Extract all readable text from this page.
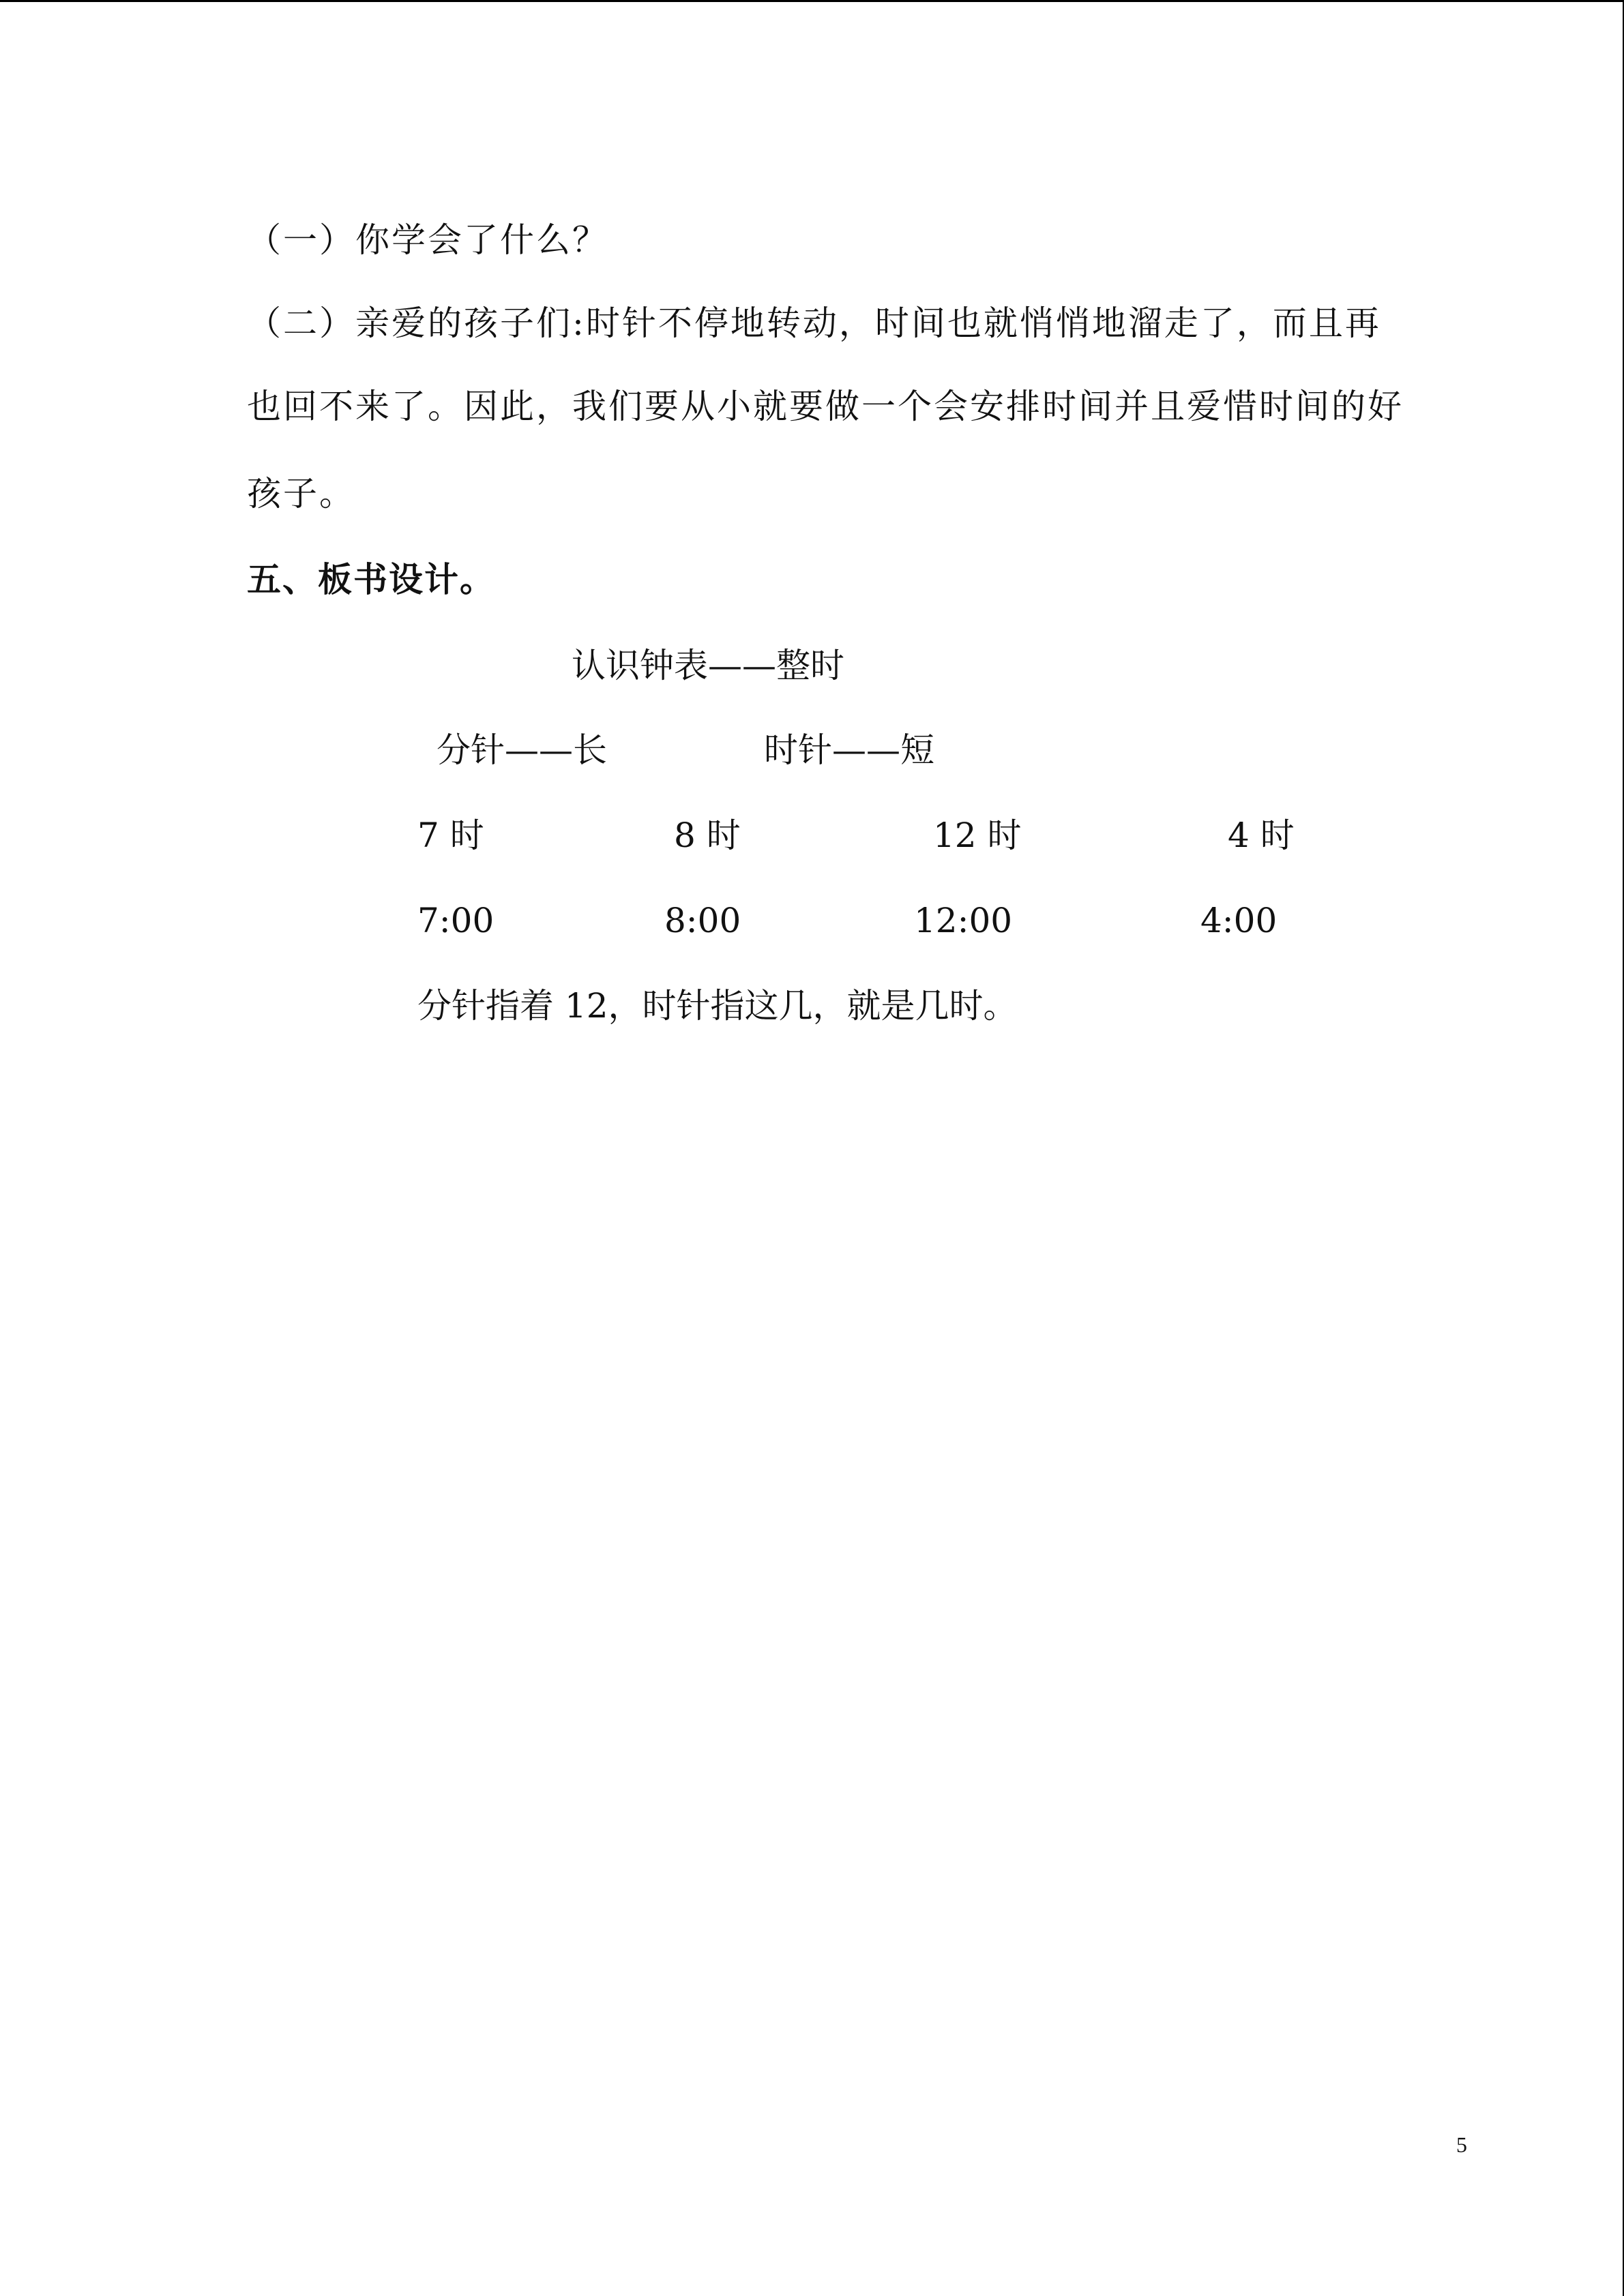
（一）你学会了什么？
（二）亲爱的孩子们:时针不停地转动，时间也就悄悄地溜走了，而且再
也回不来了。因此，我们要从小就要做一个会安排时间并且爱惜时间的好
孩子。
五、板书设计。
认识钟表——整时
分针——长	时针——短
7 时	8 时	12 时	4 时
7:00	8:00	12:00	4:00
分针指着 12，时针指这几，就是几时。
5
